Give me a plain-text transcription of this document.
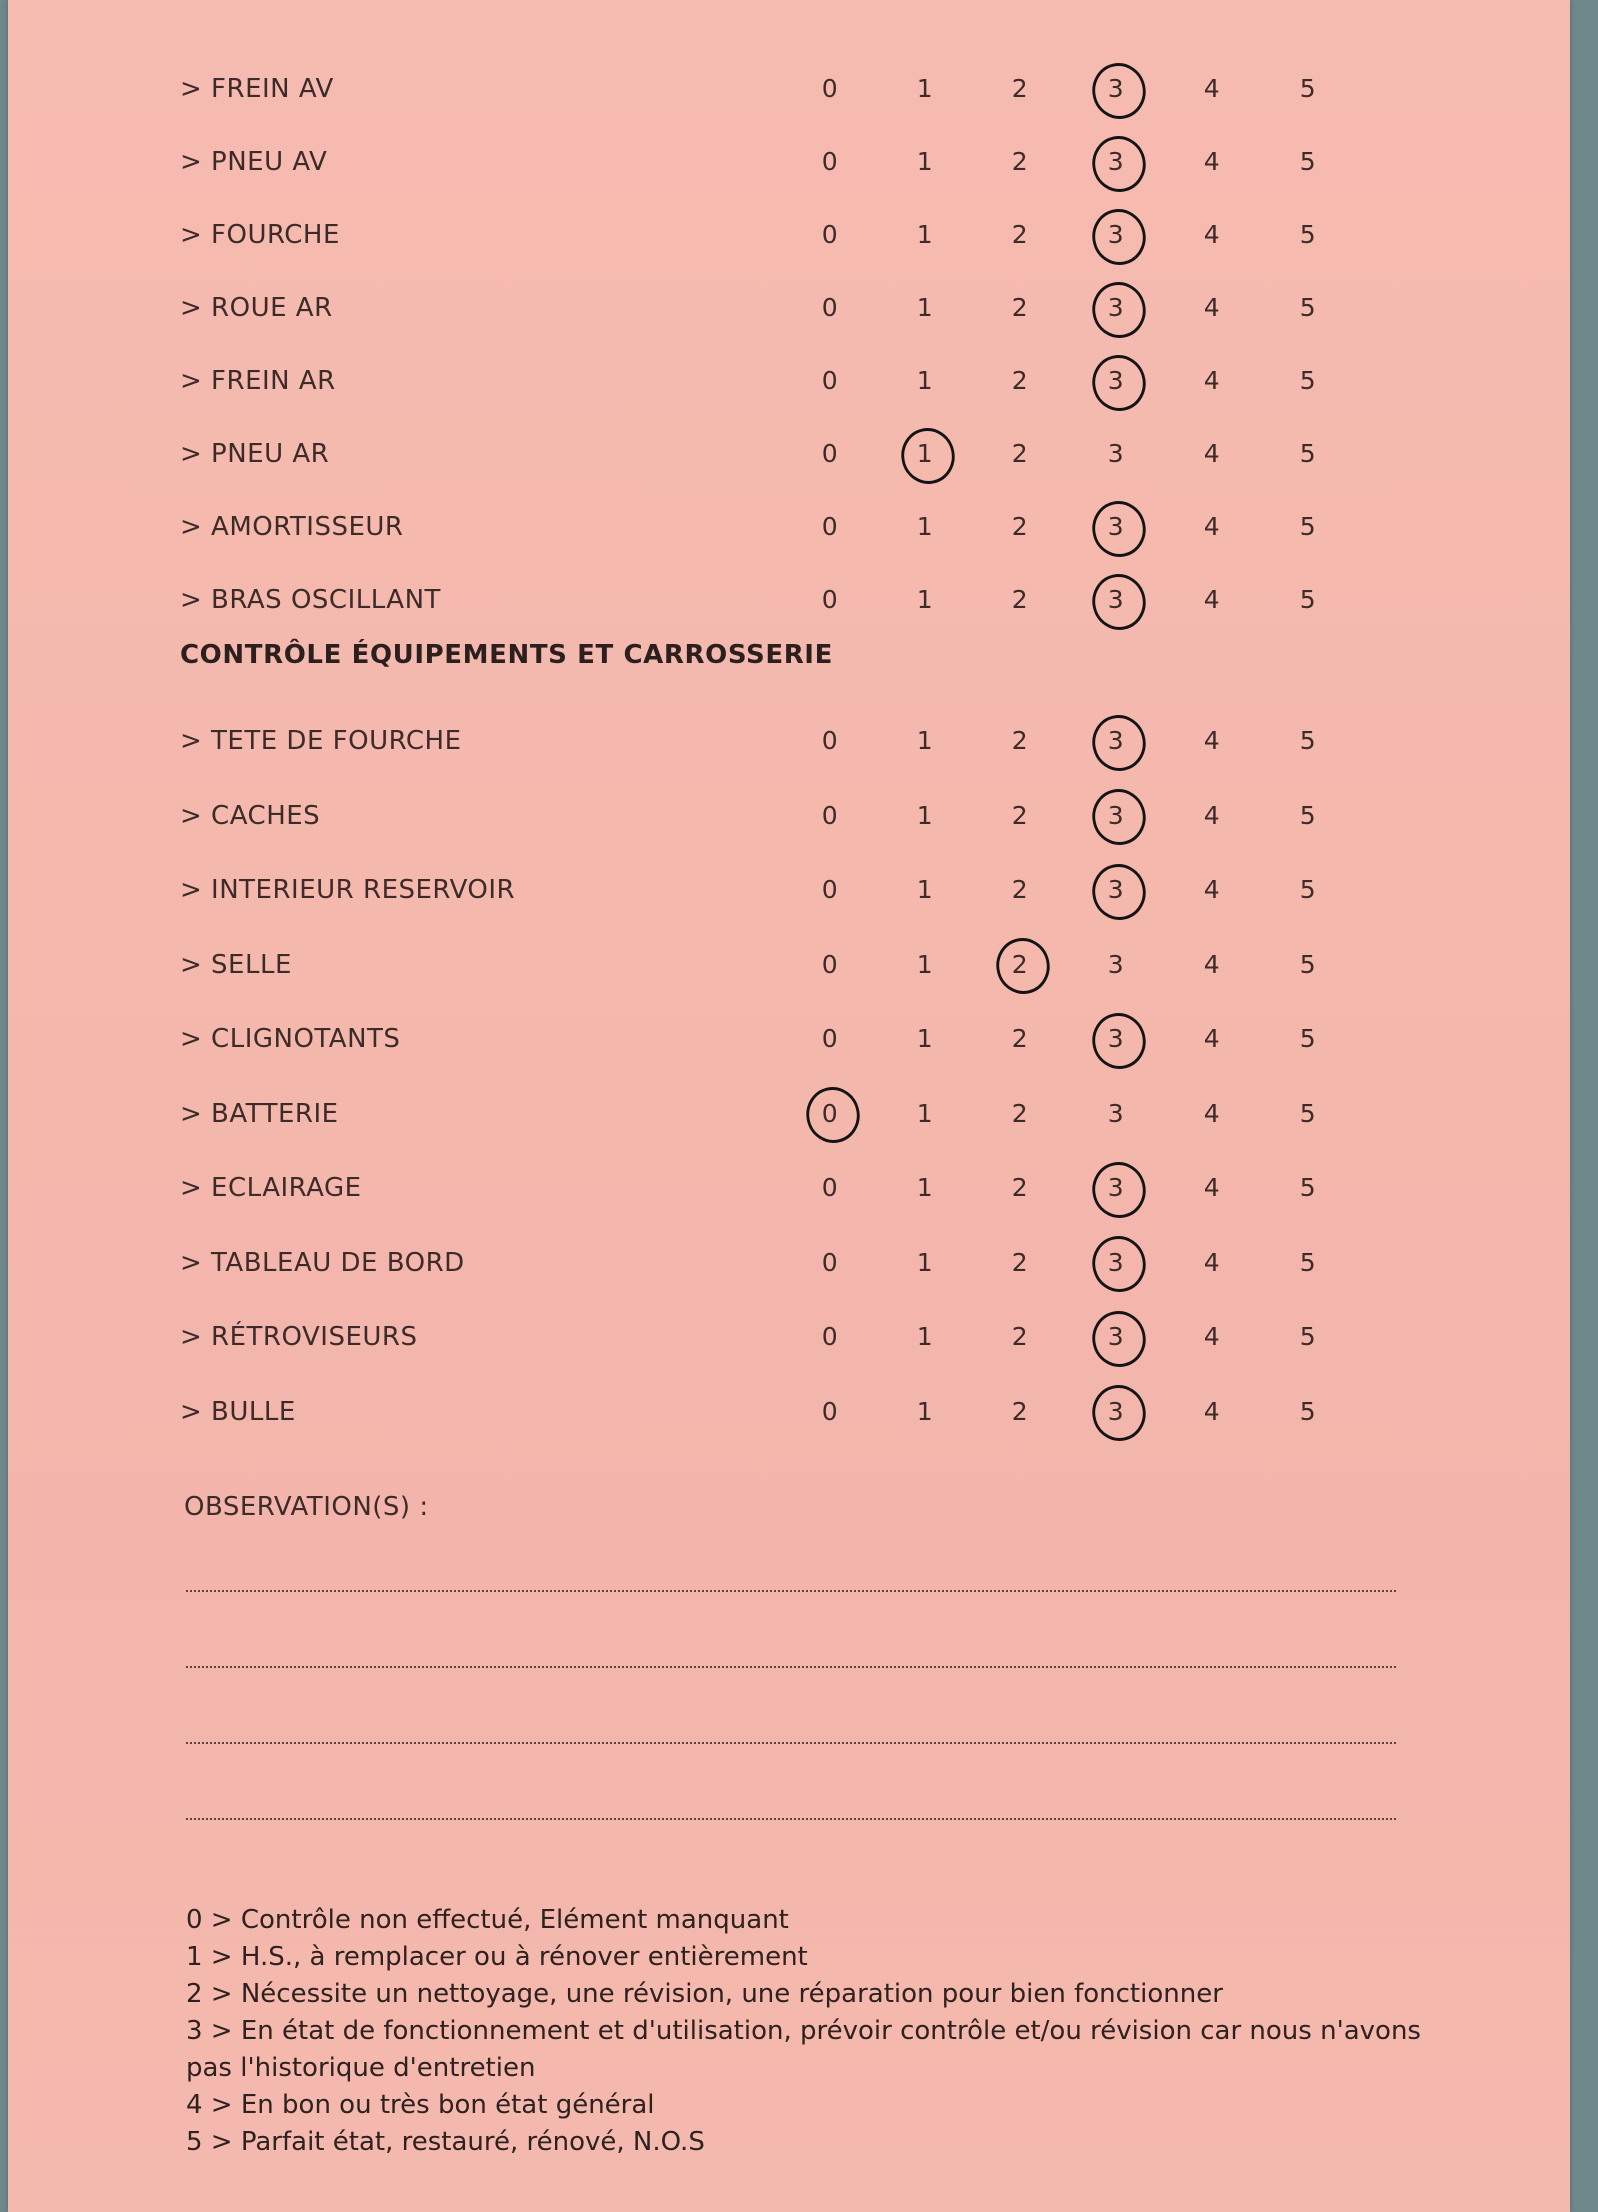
> FREIN AV	0	1	2	3	4	5
> PNEU AV	0	1	2	3	4	5
> FOURCHE	0	1	2	3	4	5
> ROUE AR	0	1	2	3	4	5
> FREIN AR	0	1	2	3	4	5
> PNEU AR	0	1	2	3	4	5
> AMORTISSEUR	0	1	2	3	4	5
> BRAS OSCILLANT	0	1	2	3	4	5
CONTRÔLE ÉQUIPEMENTS ET CARROSSERIE
> TETE DE FOURCHE	0	1	2	3	4	5
> CACHES	0	1	2	3	4	5
> INTERIEUR RESERVOIR	0	1	2	3	4	5
> SELLE	0	1	2	3	4	5
> CLIGNOTANTS	0	1	2	3	4	5
> BATTERIE	0	1	2	3	4	5
> ECLAIRAGE	0	1	2	3	4	5
> TABLEAU DE BORD	0	1	2	3	4	5
> RÉTROVISEURS	0	1	2	3	4	5
> BULLE	0	1	2	3	4	5
OBSERVATION(S) :

0 > Contrôle non effectué, Elément manquant

1 > H.S., à remplacer ou à rénover entièrement

2 > Nécessite un nettoyage, une révision, une réparation pour bien fonctionner

3 > En état de fonctionnement et d'utilisation, prévoir contrôle et/ou révision car nous n'avons pas l'historique d'entretien

4 > En bon ou très bon état général

5 > Parfait état, restauré, rénové, N.O.S
